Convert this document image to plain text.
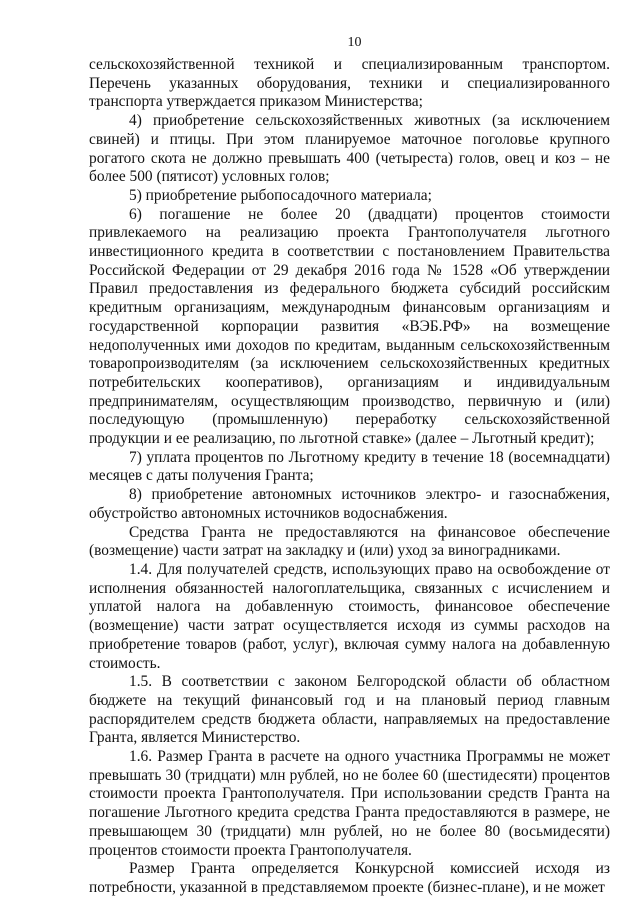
10

сельскохозяйственной техникой и специализированным транспортом. Перечень указанных оборудования, техники и специализированного транспорта утверждается приказом Министерства;

4) приобретение сельскохозяйственных животных (за исключением свиней) и птицы. При этом планируемое маточное поголовье крупного рогатого скота не должно превышать 400 (четыреста) голов, овец и коз – не более 500 (пятисот) условных голов;

5) приобретение рыбопосадочного материала;

6) погашение не более 20 (двадцати) процентов стоимости привлекаемого на реализацию проекта Грантополучателя льготного инвестиционного кредита в соответствии с постановлением Правительства Российской Федерации от 29 декабря 2016 года № 1528 «Об утверждении Правил предоставления из федерального бюджета субсидий российским кредитным организациям, международным финансовым организациям и государственной корпорации развития «ВЭБ.РФ» на возмещение недополученных ими доходов по кредитам, выданным сельскохозяйственным товаропроизводителям (за исключением сельскохозяйственных кредитных потребительских кооперативов), организациям и индивидуальным предпринимателям, осуществляющим производство, первичную и (или) последующую (промышленную) переработку сельскохозяйственной продукции и ее реализацию, по льготной ставке» (далее – Льготный кредит);

7) уплата процентов по Льготному кредиту в течение 18 (восемнадцати) месяцев с даты получения Гранта;

8) приобретение автономных источников электро- и газоснабжения, обустройство автономных источников водоснабжения.

Средства Гранта не предоставляются на финансовое обеспечение (возмещение) части затрат на закладку и (или) уход за виноградниками.

1.4. Для получателей средств, использующих право на освобождение от исполнения обязанностей налогоплательщика, связанных с исчислением и уплатой налога на добавленную стоимость, финансовое обеспечение (возмещение) части затрат осуществляется исходя из суммы расходов на приобретение товаров (работ, услуг), включая сумму налога на добавленную стоимость.

1.5. В соответствии с законом Белгородской области об областном бюджете на текущий финансовый год и на плановый период главным распорядителем средств бюджета области, направляемых на предоставление Гранта, является Министерство.

1.6. Размер Гранта в расчете на одного участника Программы не может превышать 30 (тридцати) млн рублей, но не более 60 (шестидесяти) процентов стоимости проекта Грантополучателя. При использовании средств Гранта на погашение Льготного кредита средства Гранта предоставляются в размере, не превышающем 30 (тридцати) млн рублей, но не более 80 (восьмидесяти) процентов стоимости проекта Грантополучателя.

Размер Гранта определяется Конкурсной комиссией исходя из потребности, указанной в представляемом проекте (бизнес-плане), и не может
